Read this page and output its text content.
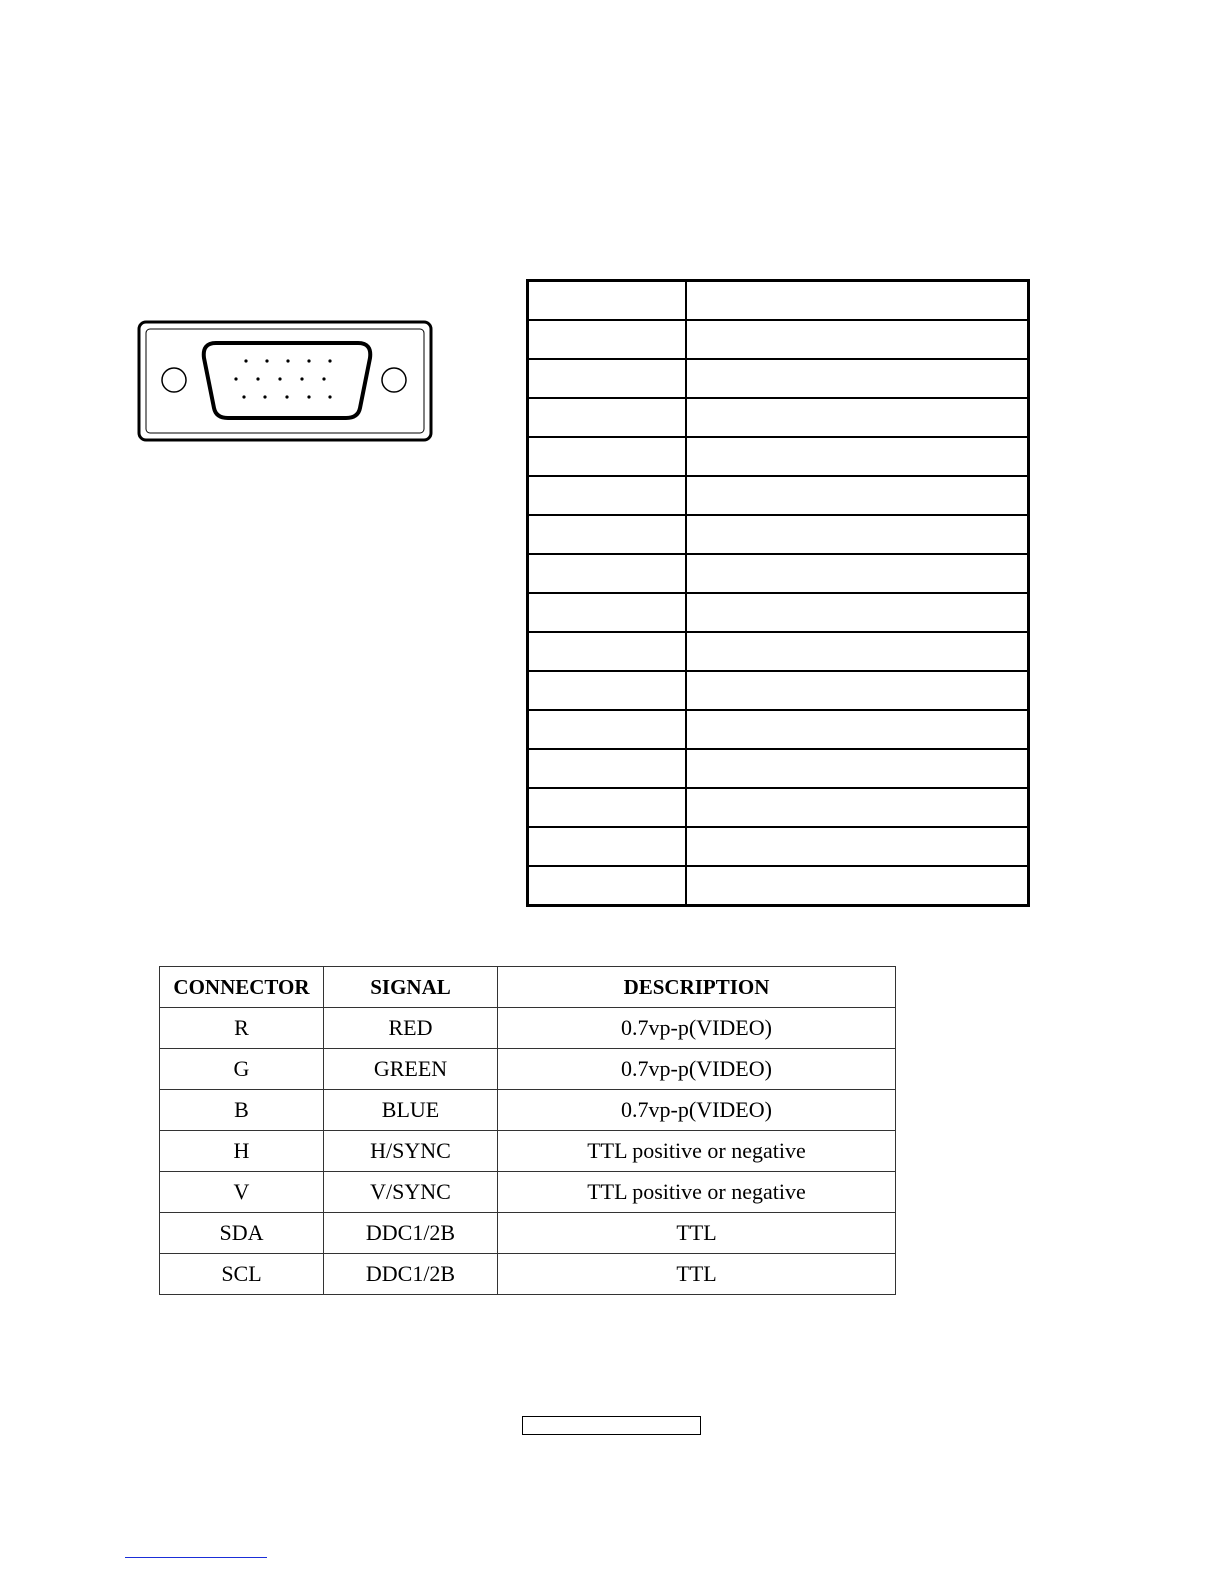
CONNECTOR	SIGNAL	DESCRIPTION
R	RED	0.7vp-p(VIDEO)
G	GREEN	0.7vp-p(VIDEO)
B	BLUE	0.7vp-p(VIDEO)
H	H/SYNC	TTL positive or negative
V	V/SYNC	TTL positive or negative
SDA	DDC1/2B	TTL
SCL	DDC1/2B	TTL
